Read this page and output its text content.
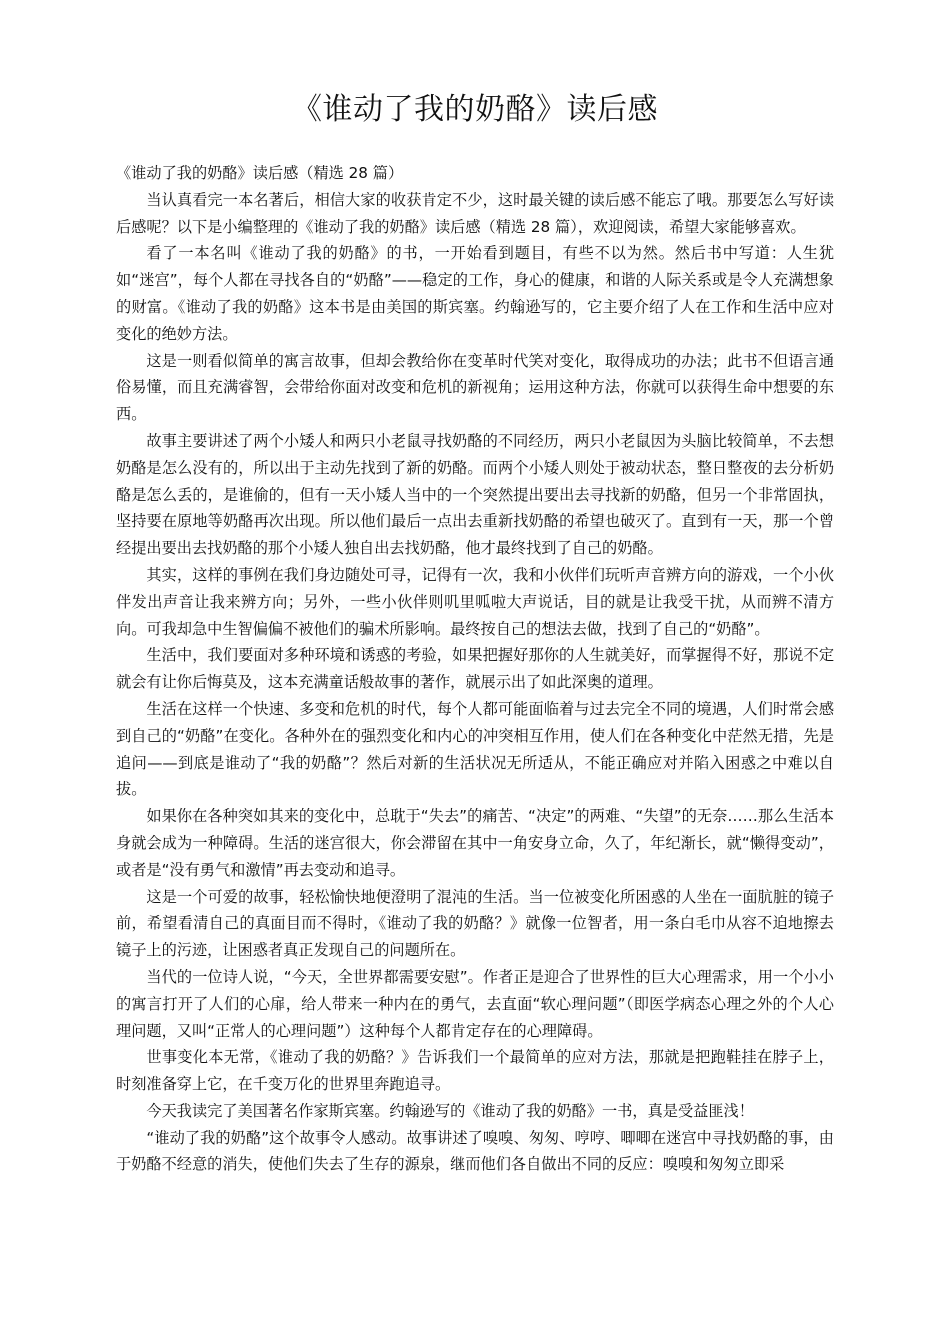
《谁动了我的奶酪》读后感

《谁动了我的奶酪》读后感（精选 28 篇）

当认真看完一本名著后，相信大家的收获肯定不少，这时最关键的读后感不能忘了哦。那要怎么写好读后感呢？以下是小编整理的《谁动了我的奶酪》读后感（精选 28 篇），欢迎阅读，希望大家能够喜欢。

看了一本名叫《谁动了我的奶酪》的书，一开始看到题目，有些不以为然。然后书中写道：人生犹如“迷宫”，每个人都在寻找各自的“奶酪”——稳定的工作，身心的健康，和谐的人际关系或是令人充满想象的财富。《谁动了我的奶酪》这本书是由美国的斯宾塞。约翰逊写的，它主要介绍了人在工作和生活中应对变化的绝妙方法。

这是一则看似简单的寓言故事，但却会教给你在变革时代笑对变化，取得成功的办法；此书不但语言通俗易懂，而且充满睿智，会带给你面对改变和危机的新视角；运用这种方法，你就可以获得生命中想要的东西。

故事主要讲述了两个小矮人和两只小老鼠寻找奶酪的不同经历，两只小老鼠因为头脑比较简单，不去想奶酪是怎么没有的，所以出于主动先找到了新的奶酪。而两个小矮人则处于被动状态，整日整夜的去分析奶酪是怎么丢的，是谁偷的，但有一天小矮人当中的一个突然提出要出去寻找新的奶酪，但另一个非常固执，坚持要在原地等奶酪再次出现。所以他们最后一点出去重新找奶酪的希望也破灭了。直到有一天，那一个曾经提出要出去找奶酪的那个小矮人独自出去找奶酪，他才最终找到了自己的奶酪。

其实，这样的事例在我们身边随处可寻，记得有一次，我和小伙伴们玩听声音辨方向的游戏，一个小伙伴发出声音让我来辨方向；另外，一些小伙伴则叽里呱啦大声说话，目的就是让我受干扰，从而辨不清方向。可我却急中生智偏偏不被他们的骗术所影响。最终按自己的想法去做，找到了自己的“奶酪”。

生活中，我们要面对多种环境和诱惑的考验，如果把握好那你的人生就美好，而掌握得不好，那说不定就会有让你后悔莫及，这本充满童话般故事的著作，就展示出了如此深奥的道理。

生活在这样一个快速、多变和危机的时代，每个人都可能面临着与过去完全不同的境遇，人们时常会感到自己的“奶酪”在变化。各种外在的强烈变化和内心的冲突相互作用，使人们在各种变化中茫然无措，先是追问——到底是谁动了“我的奶酪”？然后对新的生活状况无所适从，不能正确应对并陷入困惑之中难以自拔。

如果你在各种突如其来的变化中，总耽于“失去”的痛苦、“决定”的两难、“失望”的无奈……那么生活本身就会成为一种障碍。生活的迷宫很大，你会滞留在其中一角安身立命，久了，年纪渐长，就“懒得变动”，或者是“没有勇气和激情”再去变动和追寻。

这是一个可爱的故事，轻松愉快地便澄明了混沌的生活。当一位被变化所困惑的人坐在一面肮脏的镜子前，希望看清自己的真面目而不得时，《谁动了我的奶酪？》就像一位智者，用一条白毛巾从容不迫地擦去镜子上的污迹，让困惑者真正发现自己的问题所在。

当代的一位诗人说，“今天，全世界都需要安慰”。作者正是迎合了世界性的巨大心理需求，用一个小小的寓言打开了人们的心扉，给人带来一种内在的勇气，去直面“软心理问题”（即医学病态心理之外的个人心理问题，又叫“正常人的心理问题”）这种每个人都肯定存在的心理障碍。

世事变化本无常，《谁动了我的奶酪？》告诉我们一个最简单的应对方法，那就是把跑鞋挂在脖子上，时刻准备穿上它，在千变万化的世界里奔跑追寻。

今天我读完了美国著名作家斯宾塞。约翰逊写的《谁动了我的奶酪》一书，真是受益匪浅！

“谁动了我的奶酪”这个故事令人感动。故事讲述了嗅嗅、匆匆、哼哼、唧唧在迷宫中寻找奶酪的事，由于奶酪不经意的消失，使他们失去了生存的源泉，继而他们各自做出不同的反应：嗅嗅和匆匆立即采
